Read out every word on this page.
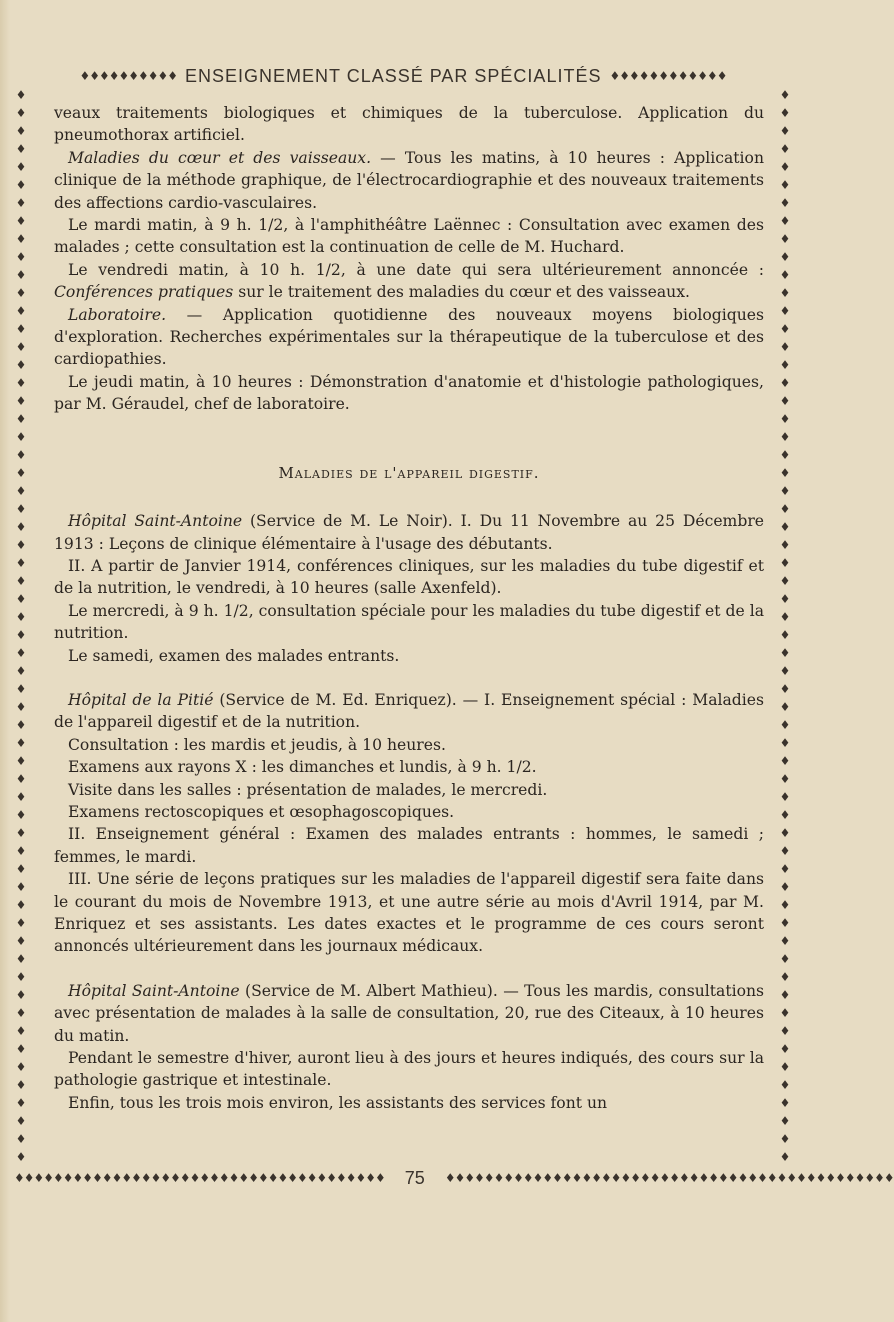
♦♦♦♦♦♦♦♦♦♦ ENSEIGNEMENT CLASSÉ PAR SPÉCIALITÉS ♦♦♦♦♦♦♦♦♦♦♦♦
♦ ♦ ♦ ♦ ♦ ♦ ♦ ♦ ♦ ♦ ♦ ♦ ♦ ♦ ♦ ♦ ♦ ♦ ♦ ♦ ♦ ♦ ♦ ♦ ♦ ♦ ♦ ♦ ♦ ♦ ♦ ♦ ♦ ♦ ♦ ♦ ♦ ♦ ♦ ♦ ♦ ♦ ♦ ♦ ♦ ♦ ♦ ♦ ♦ ♦ ♦ ♦ ♦ ♦ ♦ ♦ ♦ ♦ ♦ ♦
♦ ♦ ♦ ♦ ♦ ♦ ♦ ♦ ♦ ♦ ♦ ♦ ♦ ♦ ♦ ♦ ♦ ♦ ♦ ♦ ♦ ♦ ♦ ♦ ♦ ♦ ♦ ♦ ♦ ♦ ♦ ♦ ♦ ♦ ♦ ♦ ♦ ♦ ♦ ♦ ♦ ♦ ♦ ♦ ♦ ♦ ♦ ♦ ♦ ♦ ♦ ♦ ♦ ♦ ♦ ♦ ♦ ♦ ♦ ♦

veaux traitements biologiques et chimiques de la tuberculose. Application du pneumothorax artificiel.

Maladies du cœur et des vaisseaux. — Tous les matins, à 10 heures : Application clinique de la méthode graphique, de l'électrocardiographie et des nouveaux traitements des affections cardio-vasculaires.

Le mardi matin, à 9 h. 1/2, à l'amphithéâtre Laënnec : Consultation avec examen des malades ; cette consultation est la continuation de celle de M. Huchard.

Le vendredi matin, à 10 h. 1/2, à une date qui sera ultérieurement annoncée : Conférences pratiques sur le traitement des maladies du cœur et des vaisseaux.

Laboratoire. — Application quotidienne des nouveaux moyens biologiques d'exploration. Recherches expérimentales sur la thérapeutique de la tuberculose et des cardiopathies.

Le jeudi matin, à 10 heures : Démonstration d'anatomie et d'histologie pathologiques, par M. Géraudel, chef de laboratoire.

Maladies de l'appareil digestif.

Hôpital Saint-Antoine (Service de M. Le Noir). I. Du 11 Novembre au 25 Décembre 1913 : Leçons de clinique élémentaire à l'usage des débutants.

II. A partir de Janvier 1914, conférences cliniques, sur les maladies du tube digestif et de la nutrition, le vendredi, à 10 heures (salle Axenfeld).

Le mercredi, à 9 h. 1/2, consultation spéciale pour les maladies du tube digestif et de la nutrition.

Le samedi, examen des malades entrants.

Hôpital de la Pitié (Service de M. Ed. Enriquez). — I. Enseignement spécial : Maladies de l'appareil digestif et de la nutrition.

Consultation : les mardis et jeudis, à 10 heures.

Examens aux rayons X : les dimanches et lundis, à 9 h. 1/2.

Visite dans les salles : présentation de malades, le mercredi.

Examens rectoscopiques et œsophagoscopiques.

II. Enseignement général : Examen des malades entrants : hommes, le samedi ; femmes, le mardi.

III. Une série de leçons pratiques sur les maladies de l'appareil digestif sera faite dans le courant du mois de Novembre 1913, et une autre série au mois d'Avril 1914, par M. Enriquez et ses assistants. Les dates exactes et le programme de ces cours seront annoncés ultérieurement dans les journaux médicaux.

Hôpital Saint-Antoine (Service de M. Albert Mathieu). — Tous les mardis, consultations avec présentation de malades à la salle de consultation, 20, rue des Citeaux, à 10 heures du matin.

Pendant le semestre d'hiver, auront lieu à des jours et heures indiqués, des cours sur la pathologie gastrique et intestinale.

Enfin, tous les trois mois environ, les assistants des services font un

♦♦♦♦♦♦♦♦♦♦♦♦♦♦♦♦♦♦♦♦♦♦♦♦♦♦♦♦♦♦♦♦♦♦♦♦♦♦ 75 ♦♦♦♦♦♦♦♦♦♦♦♦♦♦♦♦♦♦♦♦♦♦♦♦♦♦♦♦♦♦♦♦♦♦♦♦♦♦♦♦♦♦♦♦♦♦
